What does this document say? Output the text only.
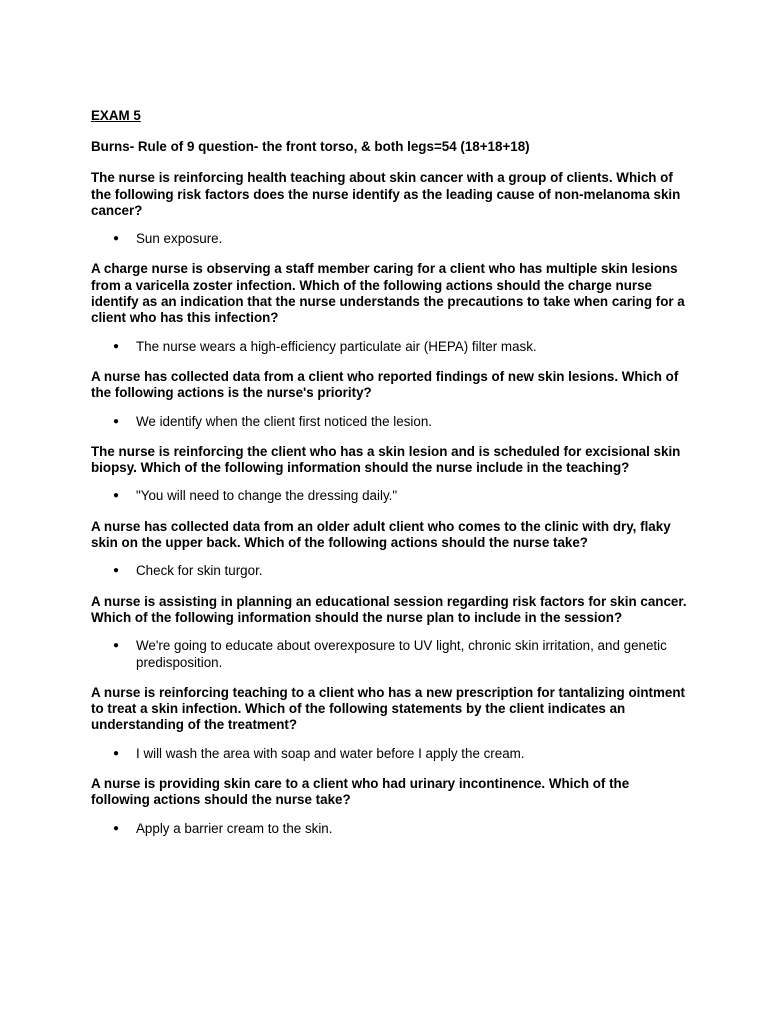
EXAM 5
Burns- Rule of 9 question- the front torso, & both legs=54 (18+18+18)

The nurse is reinforcing health teaching about skin cancer with a group of clients. Which of the following risk factors does the nurse identify as the leading cause of non-melanoma skin cancer?

● Sun exposure.

A charge nurse is observing a staff member caring for a client who has multiple skin lesions from a varicella zoster infection. Which of the following actions should the charge nurse identify as an indication that the nurse understands the precautions to take when caring for a client who has this infection?

● The nurse wears a high-efficiency particulate air (HEPA) filter mask.

A nurse has collected data from a client who reported findings of new skin lesions. Which of the following actions is the nurse's priority?

● We identify when the client first noticed the lesion.

The nurse is reinforcing the client who has a skin lesion and is scheduled for excisional skin biopsy. Which of the following information should the nurse include in the teaching?

● "You will need to change the dressing daily."

A nurse has collected data from an older adult client who comes to the clinic with dry, flaky skin on the upper back. Which of the following actions should the nurse take?

● Check for skin turgor.

A nurse is assisting in planning an educational session regarding risk factors for skin cancer. Which of the following information should the nurse plan to include in the session?

● We're going to educate about overexposure to UV light, chronic skin irritation, and genetic predisposition.

A nurse is reinforcing teaching to a client who has a new prescription for tantalizing ointment to treat a skin infection. Which of the following statements by the client indicates an understanding of the treatment?

● I will wash the area with soap and water before I apply the cream.

A nurse is providing skin care to a client who had urinary incontinence. Which of the following actions should the nurse take?

● Apply a barrier cream to the skin.
